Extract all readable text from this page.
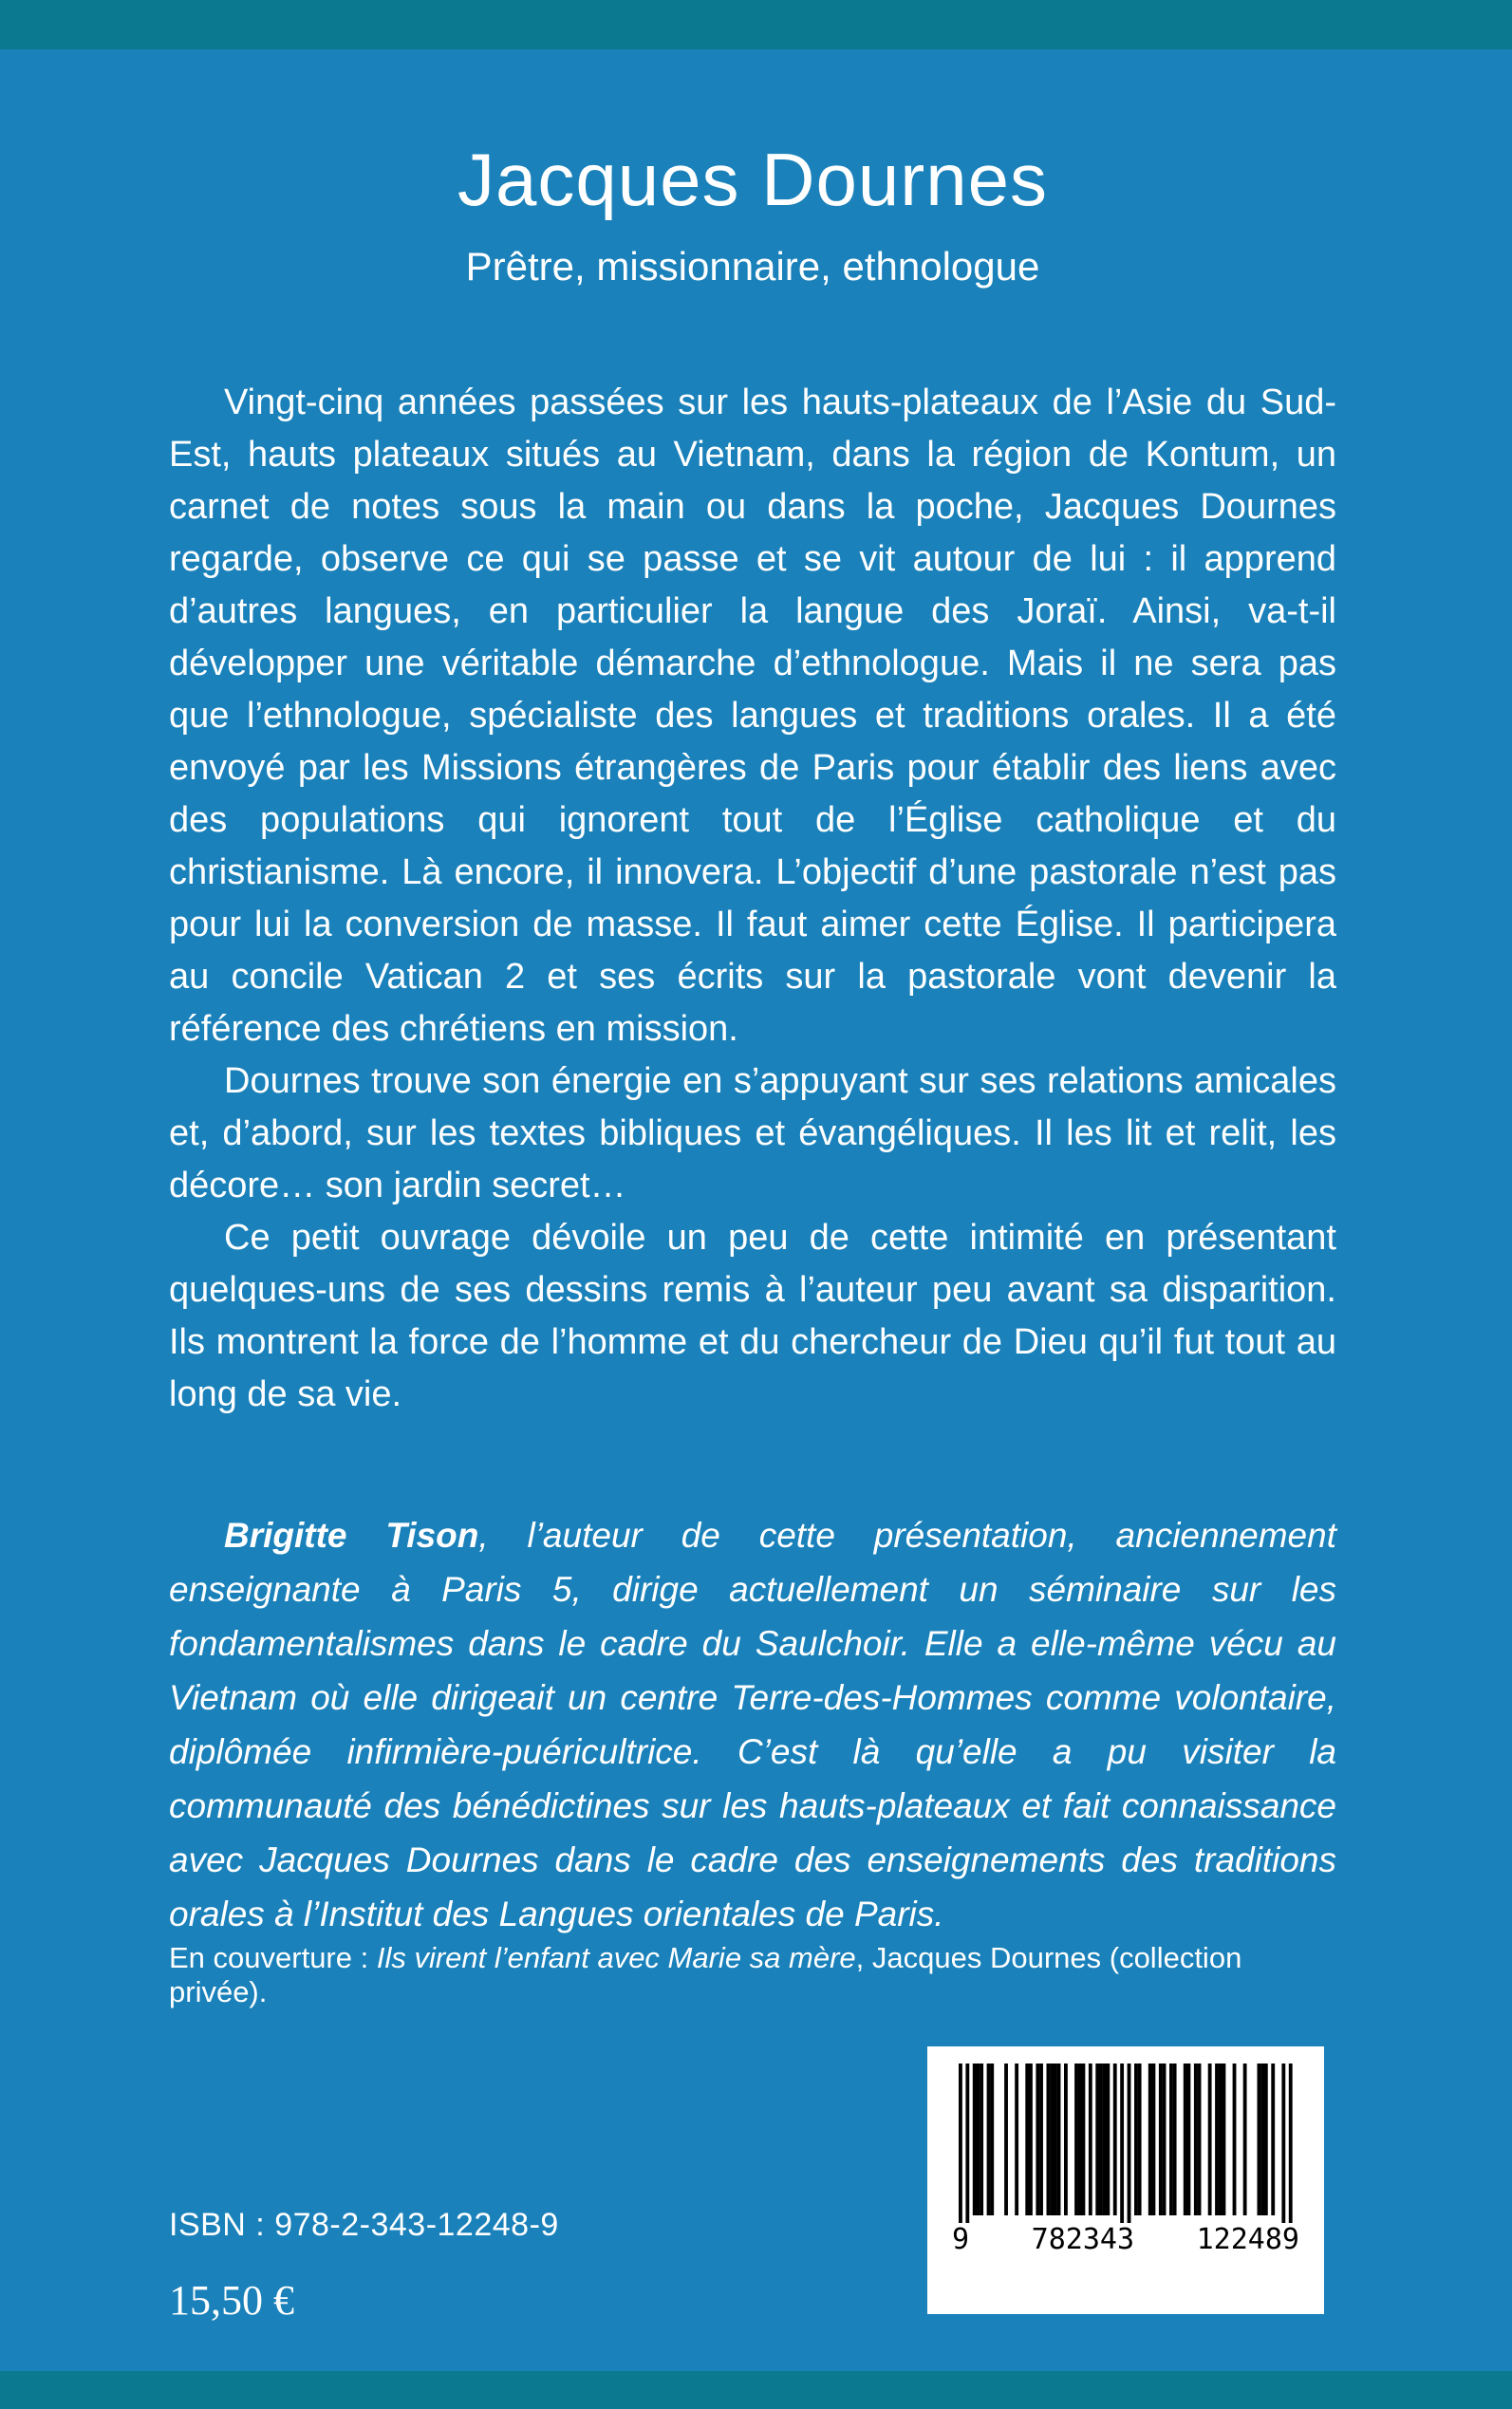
Jacques Dournes
Prêtre, missionnaire, ethnologue

Vingt-cinq années passées sur les hauts-plateaux de l’Asie du Sud-Est, hauts plateaux situés au Vietnam, dans la région de Kontum, un carnet de notes sous la main ou dans la poche, Jacques Dournes regarde, observe ce qui se passe et se vit autour de lui : il apprend d’autres langues, en particulier la langue des Joraï. Ainsi, va-t-il développer une véritable démarche d’ethnologue. Mais il ne sera pas que l’ethnologue, spécialiste des langues et traditions orales. Il a été envoyé par les Missions étrangères de Paris pour établir des liens avec des populations qui ignorent tout de l’Église catholique et du christianisme. Là encore, il innovera. L’objectif d’une pastorale n’est pas pour lui la conversion de masse. Il faut aimer cette Église. Il participera au concile Vatican 2 et ses écrits sur la pastorale vont devenir la référence des chrétiens en mission.

Dournes trouve son énergie en s’appuyant sur ses relations amicales et, d’abord, sur les textes bibliques et évangéliques. Il les lit et relit, les décore… son jardin secret…

Ce petit ouvrage dévoile un peu de cette intimité en présentant quelques-uns de ses dessins remis à l’auteur peu avant sa disparition. Ils montrent la force de l’homme et du chercheur de Dieu qu’il fut tout au long de sa vie.

Brigitte Tison, l’auteur de cette présentation, anciennement enseignante à Paris 5, dirige actuellement un séminaire sur les fondamentalismes dans le cadre du Saulchoir. Elle a elle-même vécu au Vietnam où elle dirigeait un centre Terre-des-Hommes comme volontaire, diplômée infirmière-puéricultrice. C’est là qu’elle a pu visiter la communauté des bénédictines sur les hauts-plateaux et fait connaissance avec Jacques Dournes dans le cadre des enseignements des traditions orales à l’Institut des Langues orientales de Paris.
En couverture : Ils virent l’enfant avec Marie sa mère, Jacques Dournes (collection privée).
ISBN : 978-2-343-12248-9
15,50 €
9 782343 122489
